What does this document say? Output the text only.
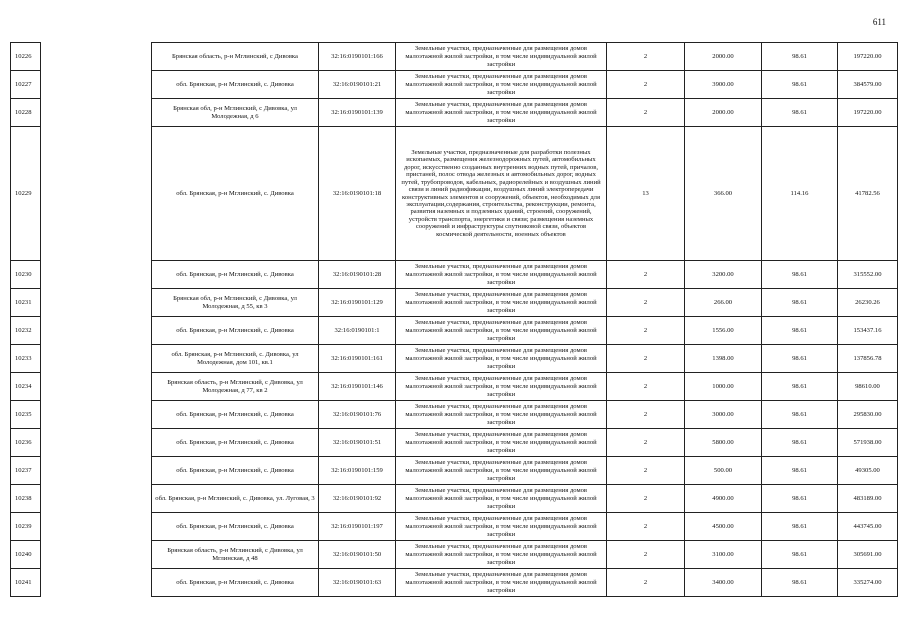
611
10226		Брянская область, р-н Мглинский, с Дивовка	32:16:0190101:166	Земельные участки, предназначенные для размещения домов малоэтажной жилой застройки, в том числе индивидуальной жилой застройки	2	2000.00	98.61	197220.00
10227		обл. Брянская, р-н Мглинский, с. Дивовка	32:16:0190101:21	Земельные участки, предназначенные для размещения домов малоэтажной жилой застройки, в том числе индивидуальной жилой застройки	2	3900.00	98.61	384579.00
10228		Брянская обл, р-н Мглинский, с Дивовка, ул Молодежная, д 6	32:16:0190101:139	Земельные участки, предназначенные для размещения домов малоэтажной жилой застройки, в том числе индивидуальной жилой застройки	2	2000.00	98.61	197220.00
10229		обл. Брянская, р-н Мглинский, с. Дивовка	32:16:0190101:18	Земельные участки, предназначенные для разработки полезных ископаемых, размещения железнодорожных путей, автомобильных дорог, искусственно созданных внутренних водных путей, причалов, пристаней, полос отвода железных и автомобильных дорог, водных путей, трубопроводов, кабельных, радиорелейных и воздушных линий связи и линий радиофикации, воздушных линий электропередачи конструктивных элементов и сооружений, объектов, необходимых для эксплуатации,содержания, строительства, реконструкции, ремонта, развития наземных и подземных зданий, строений, сооружений, устройств транспорта, энергетики и связи; размещения наземных сооружений и инфраструктуры спутниковой связи, объектов космической деятельности, военных объектов	13	366.00	114.16	41782.56
10230		обл. Брянская, р-н Мглинский, с. Дивовка	32:16:0190101:28	Земельные участки, предназначенные для размещения домов малоэтажной жилой застройки, в том числе индивидуальной жилой застройки	2	3200.00	98.61	315552.00
10231		Брянская обл, р-н Мглинский, с Дивовка, ул Молодежная, д 55, кв 3	32:16:0190101:129	Земельные участки, предназначенные для размещения домов малоэтажной жилой застройки, в том числе индивидуальной жилой застройки	2	266.00	98.61	26230.26
10232		обл. Брянская, р-н Мглинский, с. Дивовка	32:16:0190101:1	Земельные участки, предназначенные для размещения домов малоэтажной жилой застройки, в том числе индивидуальной жилой застройки	2	1556.00	98.61	153437.16
10233		обл. Брянская, р-н Мглинский, с. Дивовка, ул Молодежная, дом 101, кв.1	32:16:0190101:161	Земельные участки, предназначенные для размещения домов малоэтажной жилой застройки, в том числе индивидуальной жилой застройки	2	1398.00	98.61	137856.78
10234		Брянская область, р-н Мглинский, с Дивовка, ул Молодежная, д 77, кв 2	32:16:0190101:146	Земельные участки, предназначенные для размещения домов малоэтажной жилой застройки, в том числе индивидуальной жилой застройки	2	1000.00	98.61	98610.00
10235		обл. Брянская, р-н Мглинский, с. Дивовка	32:16:0190101:76	Земельные участки, предназначенные для размещения домов малоэтажной жилой застройки, в том числе индивидуальной жилой застройки	2	3000.00	98.61	295830.00
10236		обл. Брянская, р-н Мглинский, с. Дивовка	32:16:0190101:51	Земельные участки, предназначенные для размещения домов малоэтажной жилой застройки, в том числе индивидуальной жилой застройки	2	5800.00	98.61	571938.00
10237		обл. Брянская, р-н Мглинский, с. Дивовка	32:16:0190101:159	Земельные участки, предназначенные для размещения домов малоэтажной жилой застройки, в том числе индивидуальной жилой застройки	2	500.00	98.61	49305.00
10238		обл. Брянская, р-н Мглинский, с. Дивовка, ул. Луговая, 3	32:16:0190101:92	Земельные участки, предназначенные для размещения домов малоэтажной жилой застройки, в том числе индивидуальной жилой застройки	2	4900.00	98.61	483189.00
10239		обл. Брянская, р-н Мглинский, с. Дивовка	32:16:0190101:197	Земельные участки, предназначенные для размещения домов малоэтажной жилой застройки, в том числе индивидуальной жилой застройки	2	4500.00	98.61	443745.00
10240		Брянская область, р-н Мглинский, с Дивовка, ул Мглинская, д 48	32:16:0190101:50	Земельные участки, предназначенные для размещения домов малоэтажной жилой застройки, в том числе индивидуальной жилой застройки	2	3100.00	98.61	305691.00
10241		обл. Брянская, р-н Мглинский, с. Дивовка	32:16:0190101:63	Земельные участки, предназначенные для размещения домов малоэтажной жилой застройки, в том числе индивидуальной жилой застройки	2	3400.00	98.61	335274.00
